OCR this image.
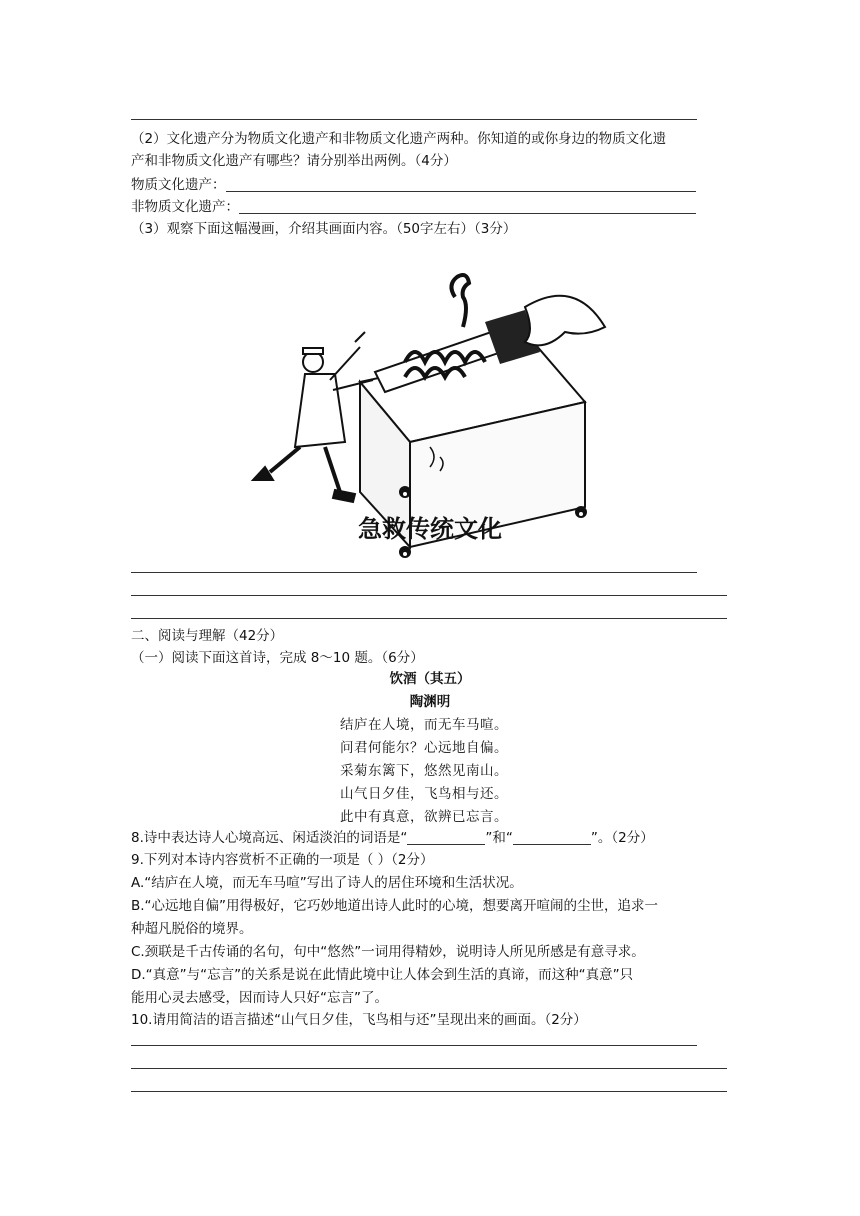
（2）文化遗产分为物质文化遗产和非物质文化遗产两种。你知道的或你身边的物质文化遗
产和非物质文化遗产有哪些？请分别举出两例。（4分）
物质文化遗产：
非物质文化遗产：
（3）观察下面这幅漫画，介绍其画面内容。（50字左右）（3分）
急救传统文化
二、阅读与理解（42分）
（一）阅读下面这首诗，完成 8～10 题。（6分）
饮酒（其五）
陶渊明
结庐在人境，而无车马喧。
问君何能尔？心远地自偏。
采菊东篱下，悠然见南山。
山气日夕佳，飞鸟相与还。
此中有真意，欲辨已忘言。
8.诗中表达诗人心境高远、闲适淡泊的词语是“	”和“	”。（2分）
9.下列对本诗内容赏析不正确的一项是（ ）（2分）
A.“结庐在人境，而无车马喧”写出了诗人的居住环境和生活状况。
B.“心远地自偏”用得极好，它巧妙地道出诗人此时的心境，想要离开喧闹的尘世，追求一
种超凡脱俗的境界。
C.颈联是千古传诵的名句，句中“悠然”一词用得精妙，说明诗人所见所感是有意寻求。
D.“真意”与“忘言”的关系是说在此情此境中让人体会到生活的真谛，而这种“真意”只
能用心灵去感受，因而诗人只好“忘言”了。
10.请用简洁的语言描述“山气日夕佳，飞鸟相与还”呈现出来的画面。（2分）
